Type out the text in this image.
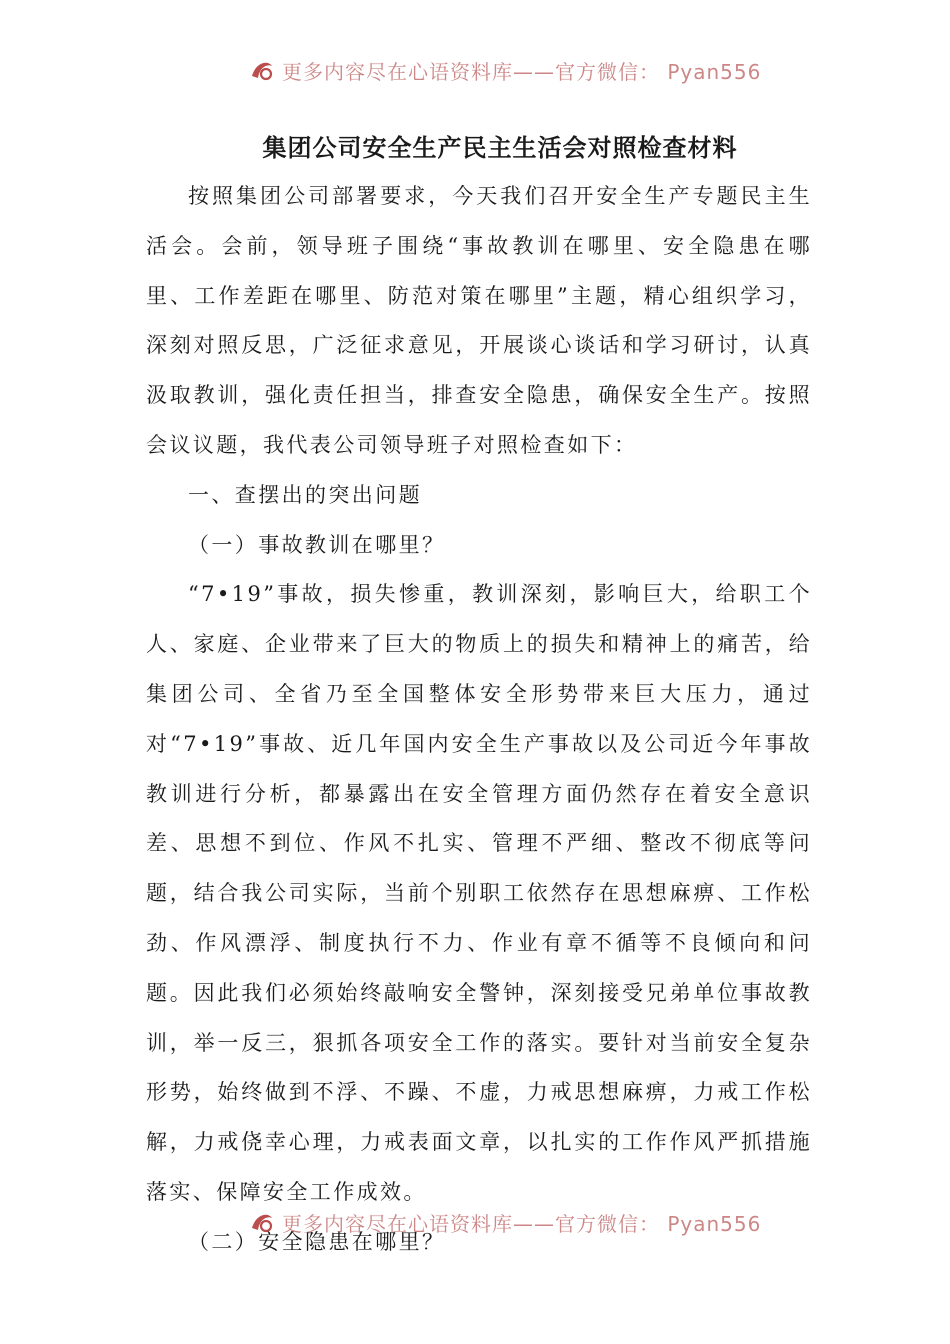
更多内容尽在心语资料库——官方微信： Pyan556
集团公司安全生产民主生活会对照检查材料

按照集团公司部署要求，今天我们召开安全生产专题民主生活会。会前，领导班子围绕“事故教训在哪里、安全隐患在哪里、工作差距在哪里、防范对策在哪里”主题，精心组织学习，深刻对照反思，广泛征求意见，开展谈心谈话和学习研讨，认真汲取教训，强化责任担当，排查安全隐患，确保安全生产。按照会议议题，我代表公司领导班子对照检查如下：

一、查摆出的突出问题

（一）事故教训在哪里？

“7•19”事故，损失惨重，教训深刻，影响巨大，给职工个人、家庭、企业带来了巨大的物质上的损失和精神上的痛苦，给集团公司、全省乃至全国整体安全形势带来巨大压力，通过对“7•19”事故、近几年国内安全生产事故以及公司近今年事故教训进行分析，都暴露出在安全管理方面仍然存在着安全意识差、思想不到位、作风不扎实、管理不严细、整改不彻底等问题，结合我公司实际，当前个别职工依然存在思想麻痹、工作松劲、作风漂浮、制度执行不力、作业有章不循等不良倾向和问题。因此我们必须始终敲响安全警钟，深刻接受兄弟单位事故教训，举一反三，狠抓各项安全工作的落实。要针对当前安全复杂形势，始终做到不浮、不躁、不虚，力戒思想麻痹，力戒工作松解，力戒侥幸心理，力戒表面文章，以扎实的工作作风严抓措施落实、保障安全工作成效。

（二）安全隐患在哪里？

更多内容尽在心语资料库——官方微信： Pyan556
